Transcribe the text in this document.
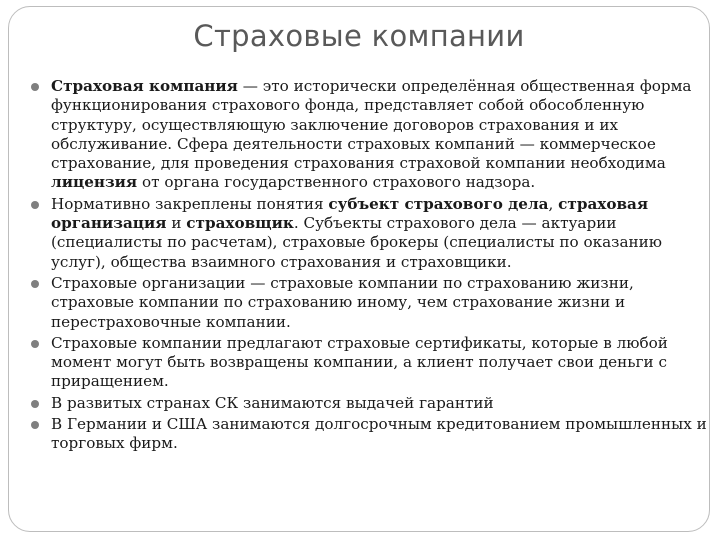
Страховые компании
Страховая компания — это исторически определённая общественная форма функционирования страхового фонда, представляет собой обособленную структуру, осуществляющую заключение договоров страхования и их обслуживание. Сфера деятельности страховых компаний — коммерческое страхование, для проведения страхования страховой компании необходима лицензия от органа государственного страхового надзора.
Нормативно закреплены понятия субъект страхового дела, страховая организация и страховщик. Субъекты страхового дела — актуарии (специалисты по расчетам), страховые брокеры (специалисты по оказанию услуг), общества взаимного страхования и страховщики.
Страховые организации — страховые компании по страхованию жизни, страховые компании по страхованию иному, чем страхование жизни и перестраховочные компании.
Страховые компании предлагают страховые сертификаты, которые в любой момент могут быть возвращены компании, а клиент получает свои деньги с приращением.
В развитых странах СК занимаются выдачей гарантий
В Германии и США занимаются долгосрочным кредитованием промышленных и торговых фирм.
